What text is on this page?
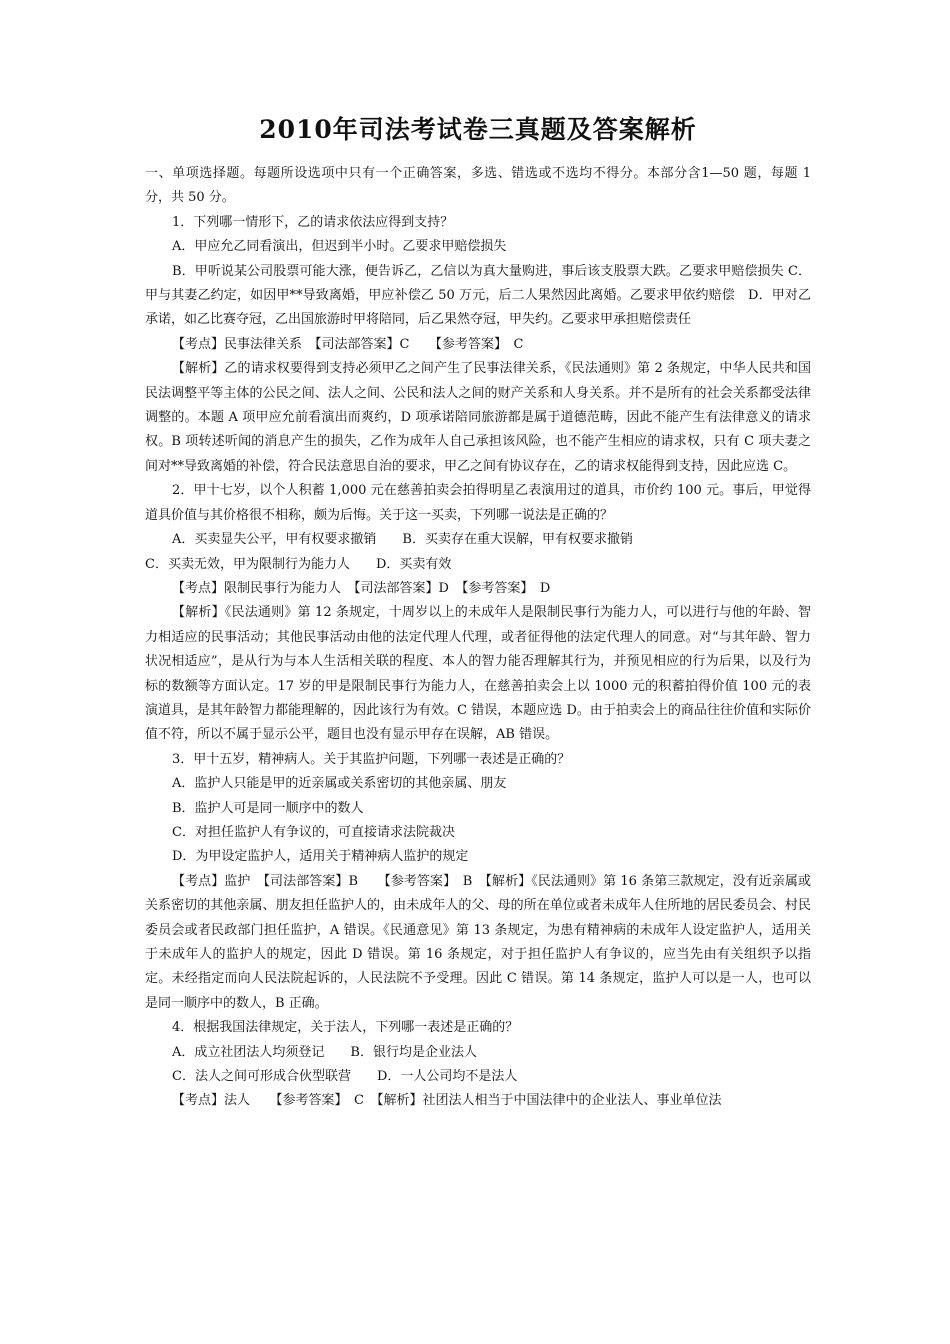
2010年司法考试卷三真题及答案解析

一、单项选择题。每题所设选项中只有一个正确答案，多选、错选或不选均不得分。本部分含1—50 题，每题 1 分，共 50 分。

1．下列哪一情形下，乙的请求依法应得到支持？

A．甲应允乙同看演出，但迟到半小时。乙要求甲赔偿损失

B．甲听说某公司股票可能大涨，便告诉乙，乙信以为真大量购进，事后该支股票大跌。乙要求甲赔偿损失 C．甲与其妻乙约定，如因甲**导致离婚，甲应补偿乙 50 万元，后二人果然因此离婚。乙要求甲依约赔偿　D．甲对乙承诺，如乙比赛夺冠，乙出国旅游时甲将陪同，后乙果然夺冠，甲失约。乙要求甲承担赔偿责任

【考点】民事法律关系　【司法部答案】C　　【参考答案】　C

【解析】乙的请求权要得到支持必须甲乙之间产生了民事法律关系，《民法通则》第 2 条规定，中华人民共和国民法调整平等主体的公民之间、法人之间、公民和法人之间的财产关系和人身关系。并不是所有的社会关系都受法律调整的。本题 A 项甲应允前看演出而爽约，D 项承诺陪同旅游都是属于道德范畴，因此不能产生有法律意义的请求权。B 项转述听闻的消息产生的损失，乙作为成年人自己承担该风险，也不能产生相应的请求权，只有 C 项夫妻之间对**导致离婚的补偿，符合民法意思自治的要求，甲乙之间有协议存在，乙的请求权能得到支持，因此应选 C。

2．甲十七岁，以个人积蓄 1,000 元在慈善拍卖会拍得明星乙表演用过的道具，市价约 100 元。事后，甲觉得道具价值与其价格很不相称，颇为后悔。关于这一买卖，下列哪一说法是正确的？

A．买卖显失公平，甲有权要求撤销　　B．买卖存在重大误解，甲有权要求撤销

C．买卖无效，甲为限制行为能力人　　D．买卖有效

【考点】限制民事行为能力人　【司法部答案】D　【参考答案】　D

【解析】《民法通则》第 12 条规定，十周岁以上的未成年人是限制民事行为能力人，可以进行与他的年龄、智力相适应的民事活动；其他民事活动由他的法定代理人代理，或者征得他的法定代理人的同意。对“与其年龄、智力状况相适应”，是从行为与本人生活相关联的程度、本人的智力能否理解其行为，并预见相应的行为后果，以及行为标的数额等方面认定。17 岁的甲是限制民事行为能力人，在慈善拍卖会上以 1000 元的积蓄拍得价值 100 元的表演道具，是其年龄智力都能理解的，因此该行为有效。C 错误，本题应选 D。由于拍卖会上的商品往往价值和实际价值不符，所以不属于显示公平，题目也没有显示甲存在误解，AB 错误。

3．甲十五岁，精神病人。关于其监护问题，下列哪一表述是正确的？

A．监护人只能是甲的近亲属或关系密切的其他亲属、朋友

B．监护人可是同一顺序中的数人

C．对担任监护人有争议的，可直接请求法院裁决

D．为甲设定监护人，适用关于精神病人监护的规定

【考点】监护　【司法部答案】B　　【参考答案】　B　【解析】《民法通则》第 16 条第三款规定，没有近亲属或关系密切的其他亲属、朋友担任监护人的，由未成年人的父、母的所在单位或者未成年人住所地的居民委员会、村民委员会或者民政部门担任监护，A 错误。《民通意见》第 13 条规定，为患有精神病的未成年人设定监护人，适用关于未成年人的监护人的规定，因此 D 错误。第 16 条规定，对于担任监护人有争议的，应当先由有关组织予以指定。未经指定而向人民法院起诉的，人民法院不予受理。因此 C 错误。第 14 条规定，监护人可以是一人，也可以是同一顺序中的数人，B 正确。

4．根据我国法律规定，关于法人，下列哪一表述是正确的？

A．成立社团法人均须登记　　B．银行均是企业法人

C．法人之间可形成合伙型联营　　D．一人公司均不是法人

【考点】法人　　【参考答案】　C　【解析】社团法人相当于中国法律中的企业法人、事业单位法
